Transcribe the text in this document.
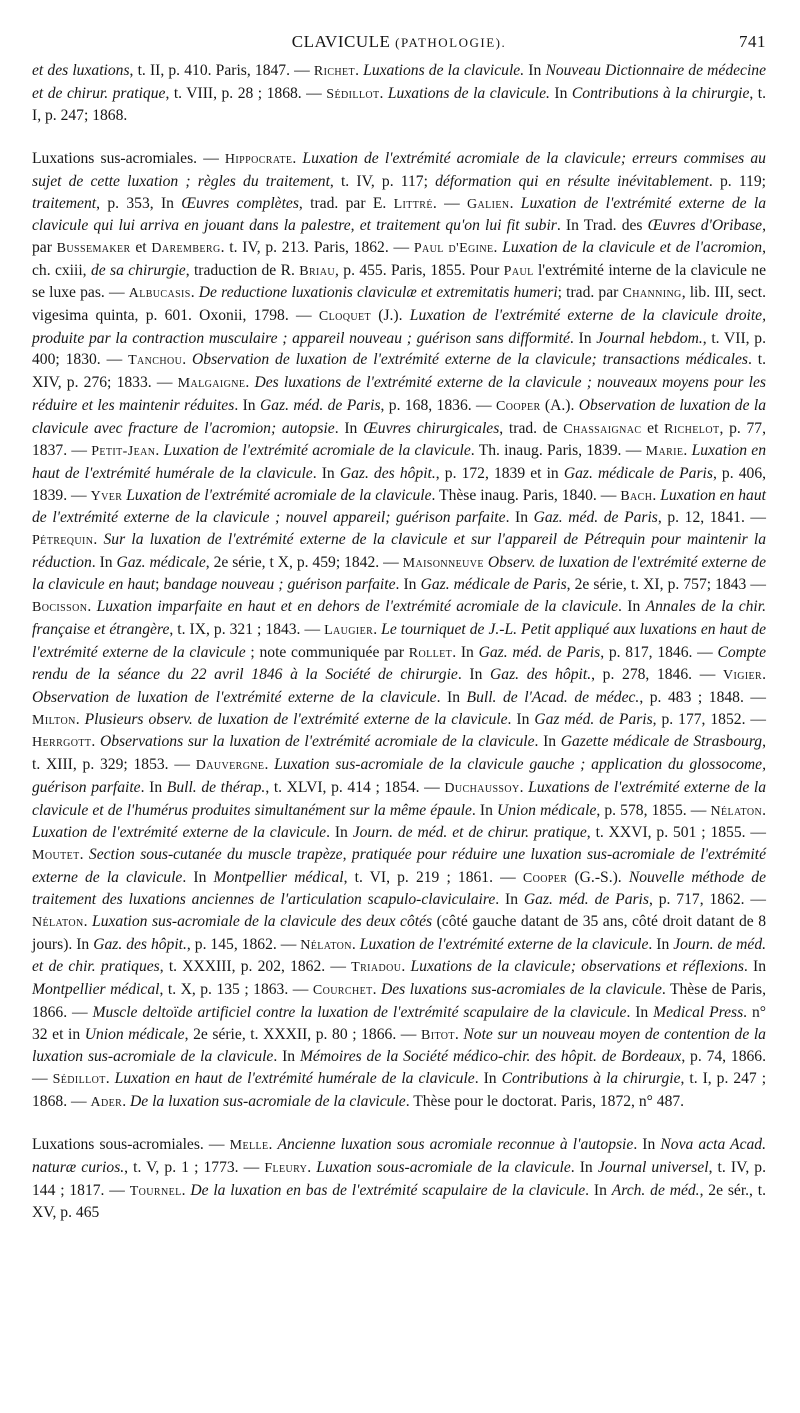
CLAVICULE (PATHOLOGIE).	741

et des luxations, t. II, p. 410. Paris, 1847. — Richet. Luxations de la clavicule. In Nouveau Dictionnaire de médecine et de chirur. pratique, t. VIII, p. 28 ; 1868. — Sédillot. Luxations de la clavicule. In Contributions à la chirurgie, t. I, p. 247; 1868.

Luxations sus-acromiales. — Hippocrate. Luxation de l'extrémité acromiale de la clavicule; erreurs commises au sujet de cette luxation ; règles du traitement, t. IV, p. 117; déformation qui en résulte inévitablement. p. 119; traitement, p. 353, In Œuvres complètes, trad. par E. Littré. — Galien. Luxation de l'extrémité externe de la clavicule qui lui arriva en jouant dans la palestre, et traitement qu'on lui fit subir. In Trad. des Œuvres d'Oribase, par Bussemaker et Daremberg. t. IV, p. 213. Paris, 1862. — Paul d'Egine. Luxation de la clavicule et de l'acromion, ch. cxiii, de sa chirurgie, traduction de R. Briau, p. 455. Paris, 1855. Pour Paul l'extrémité interne de la clavicule ne se luxe pas. — Albucasis. De reductione luxationis claviculæ et extremitatis humeri; trad. par Channing, lib. III, sect. vigesima quinta, p. 601. Oxonii, 1798. — Cloquet (J.). Luxation de l'extrémité externe de la clavicule droite, produite par la contraction musculaire ; appareil nouveau ; guérison sans difformité. In Journal hebdom., t. VII, p. 400; 1830. — Tanchou. Observation de luxation de l'extrémité externe de la clavicule; transactions médicales. t. XIV, p. 276; 1833. — Malgaigne. Des luxations de l'extrémité externe de la clavicule ; nouveaux moyens pour les réduire et les maintenir réduites. In Gaz. méd. de Paris, p. 168, 1836. — Cooper (A.). Observation de luxation de la clavicule avec fracture de l'acromion; autopsie. In Œuvres chirurgicales, trad. de Chassaignac et Richelot, p. 77, 1837. — Petit-Jean. Luxation de l'extrémité acromiale de la clavicule. Th. inaug. Paris, 1839. — Marie. Luxation en haut de l'extrémité humérale de la clavicule. In Gaz. des hôpit., p. 172, 1839 et in Gaz. médicale de Paris, p. 406, 1839. — Yver Luxation de l'extrémité acromiale de la clavicule. Thèse inaug. Paris, 1840. — Bach. Luxation en haut de l'extrémité externe de la clavicule ; nouvel appareil; guérison parfaite. In Gaz. méd. de Paris, p. 12, 1841. — Pétrequin. Sur la luxation de l'extrémité externe de la clavicule et sur l'appareil de Pétrequin pour maintenir la réduction. In Gaz. médicale, 2e série, t X, p. 459; 1842. — Maisonneuve Observ. de luxation de l'extrémité externe de la clavicule en haut; bandage nouveau ; guérison parfaite. In Gaz. médicale de Paris, 2e série, t. XI, p. 757; 1843 — Bocisson. Luxation imparfaite en haut et en dehors de l'extrémité acromiale de la clavicule. In Annales de la chir. française et étrangère, t. IX, p. 321 ; 1843. — Laugier. Le tourniquet de J.-L. Petit appliqué aux luxations en haut de l'extrémité externe de la clavicule ; note communiquée par Rollet. In Gaz. méd. de Paris, p. 817, 1846. — Compte rendu de la séance du 22 avril 1846 à la Société de chirurgie. In Gaz. des hôpit., p. 278, 1846. — Vigier. Observation de luxation de l'extrémité externe de la clavicule. In Bull. de l'Acad. de médec., p. 483 ; 1848. — Milton. Plusieurs observ. de luxation de l'extrémité externe de la clavicule. In Gaz méd. de Paris, p. 177, 1852. — Herrgott. Observations sur la luxation de l'extrémité acromiale de la clavicule. In Gazette médicale de Strasbourg, t. XIII, p. 329; 1853. — Dauvergne. Luxation sus-acromiale de la clavicule gauche ; application du glossocome, guérison parfaite. In Bull. de thérap., t. XLVI, p. 414 ; 1854. — Duchaussoy. Luxations de l'extrémité externe de la clavicule et de l'humérus produites simultanément sur la même épaule. In Union médicale, p. 578, 1855. — Nélaton. Luxation de l'extrémité externe de la clavicule. In Journ. de méd. et de chirur. pratique, t. XXVI, p. 501 ; 1855. — Moutet. Section sous-cutanée du muscle trapèze, pratiquée pour réduire une luxation sus-acromiale de l'extrémité externe de la clavicule. In Montpellier médical, t. VI, p. 219 ; 1861. — Cooper (G.-S.). Nouvelle méthode de traitement des luxations anciennes de l'articulation scapulo-claviculaire. In Gaz. méd. de Paris, p. 717, 1862. — Nélaton. Luxation sus-acromiale de la clavicule des deux côtés (côté gauche datant de 35 ans, côté droit datant de 8 jours). In Gaz. des hôpit., p. 145, 1862. — Nélaton. Luxation de l'extrémité externe de la clavicule. In Journ. de méd. et de chir. pratiques, t. XXXIII, p. 202, 1862. — Triadou. Luxations de la clavicule; observations et réflexions. In Montpellier médical, t. X, p. 135 ; 1863. — Courchet. Des luxations sus-acromiales de la clavicule. Thèse de Paris, 1866. — Muscle deltoïde artificiel contre la luxation de l'extrémité scapulaire de la clavicule. In Medical Press. n° 32 et in Union médicale, 2e série, t. XXXII, p. 80 ; 1866. — Bitot. Note sur un nouveau moyen de contention de la luxation sus-acromiale de la clavicule. In Mémoires de la Société médico-chir. des hôpit. de Bordeaux, p. 74, 1866. — Sédillot. Luxation en haut de l'extrémité humérale de la clavicule. In Contributions à la chirurgie, t. I, p. 247 ; 1868. — Ader. De la luxation sus-acromiale de la clavicule. Thèse pour le doctorat. Paris, 1872, n° 487.

Luxations sous-acromiales. — Melle. Ancienne luxation sous acromiale reconnue à l'autopsie. In Nova acta Acad. naturæ curios., t. V, p. 1 ; 1773. — Fleury. Luxation sous-acromiale de la clavicule. In Journal universel, t. IV, p. 144 ; 1817. — Tournel. De la luxation en bas de l'extrémité scapulaire de la clavicule. In Arch. de méd., 2e sér., t. XV, p. 465
